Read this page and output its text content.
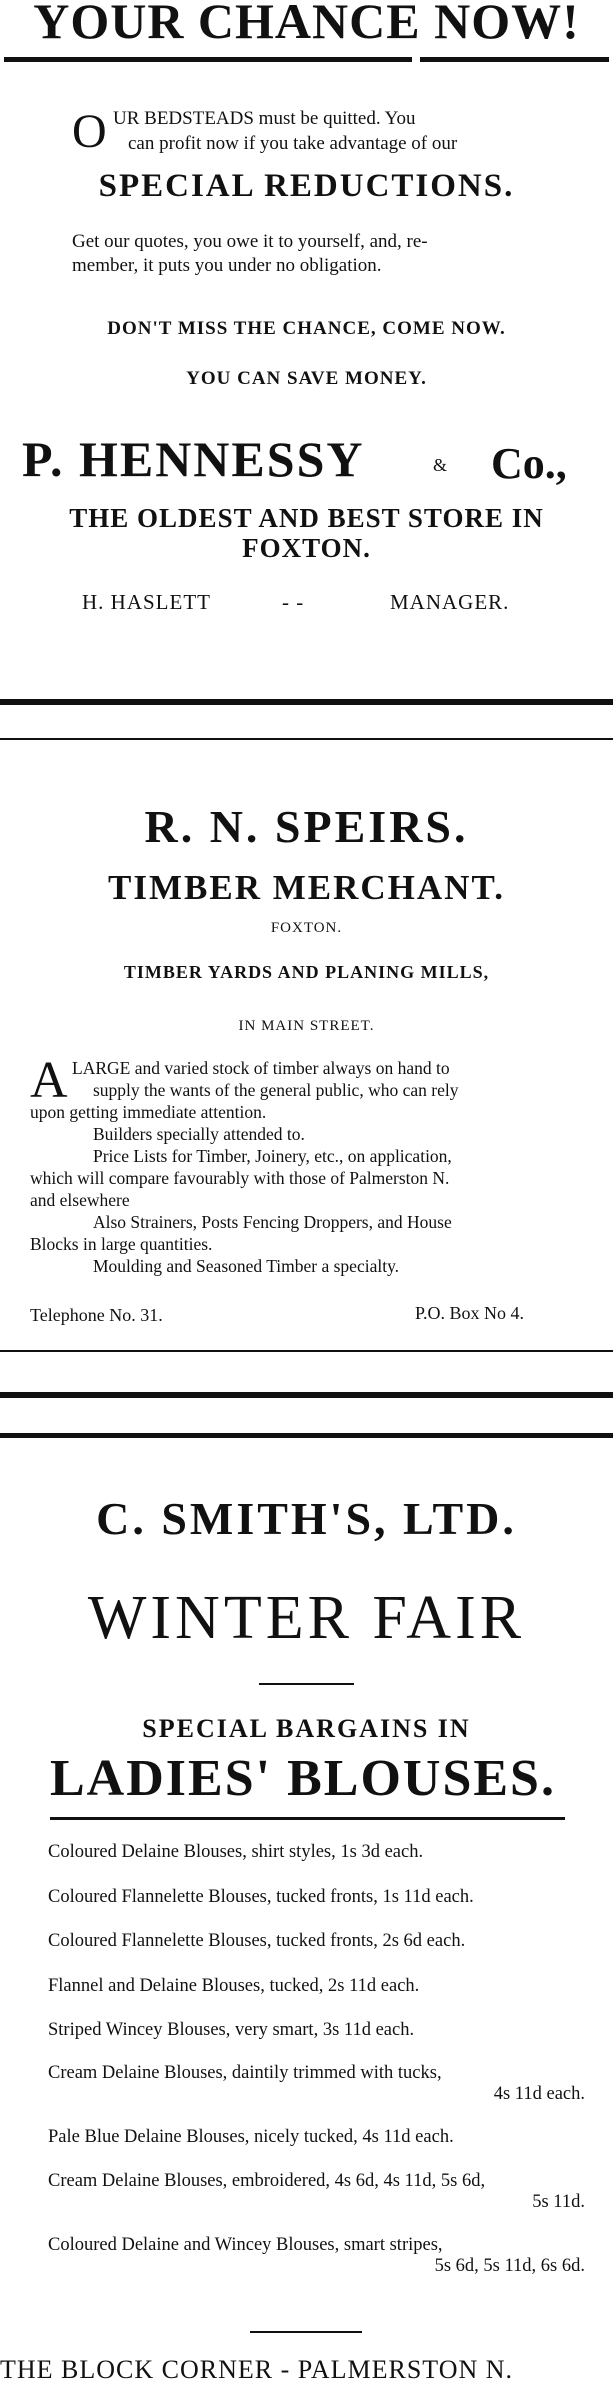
YOUR CHANCE NOW!

O UR BEDSTEADS must be quitted. You

can profit now if you take advantage of our

SPECIAL REDUCTIONS.

Get our quotes, you owe it to yourself, and, re-

member, it puts you under no obligation.

DON'T MISS THE CHANCE, COME NOW.

YOU CAN SAVE MONEY.

P. HENNESSY	& Co.,

THE OLDEST AND BEST STORE IN

FOXTON.

H. HASLETT	- -	MANAGER.

R. N. SPEIRS.

TIMBER MERCHANT.

FOXTON.

TIMBER YARDS AND PLANING MILLS,

IN MAIN STREET.

A LARGE and varied stock of timber always on hand to

supply the wants of the general public, who can rely

upon getting immediate attention.

Builders specially attended to.

Price Lists for Timber, Joinery, etc., on application,

which will compare favourably with those of Palmerston N.

and elsewhere

Also Strainers, Posts Fencing Droppers, and House

Blocks in large quantities.

Moulding and Seasoned Timber a specialty.

Telephone No. 31.	P.O. Box No 4.

C. SMITH'S, LTD.

WINTER FAIR

SPECIAL BARGAINS IN

LADIES' BLOUSES.

Coloured Delaine Blouses, shirt styles, 1s 3d each.

Coloured Flannelette Blouses, tucked fronts, 1s 11d each.

Coloured Flannelette Blouses, tucked fronts, 2s 6d each.

Flannel and Delaine Blouses, tucked, 2s 11d each.

Striped Wincey Blouses, very smart, 3s 11d each.

Cream Delaine Blouses, daintily trimmed with tucks,

4s 11d each.

Pale Blue Delaine Blouses, nicely tucked, 4s 11d each.

Cream Delaine Blouses, embroidered, 4s 6d, 4s 11d, 5s 6d,

5s 11d.

Coloured Delaine and Wincey Blouses, smart stripes,

5s 6d, 5s 11d, 6s 6d.

THE BLOCK CORNER - PALMERSTON N.
